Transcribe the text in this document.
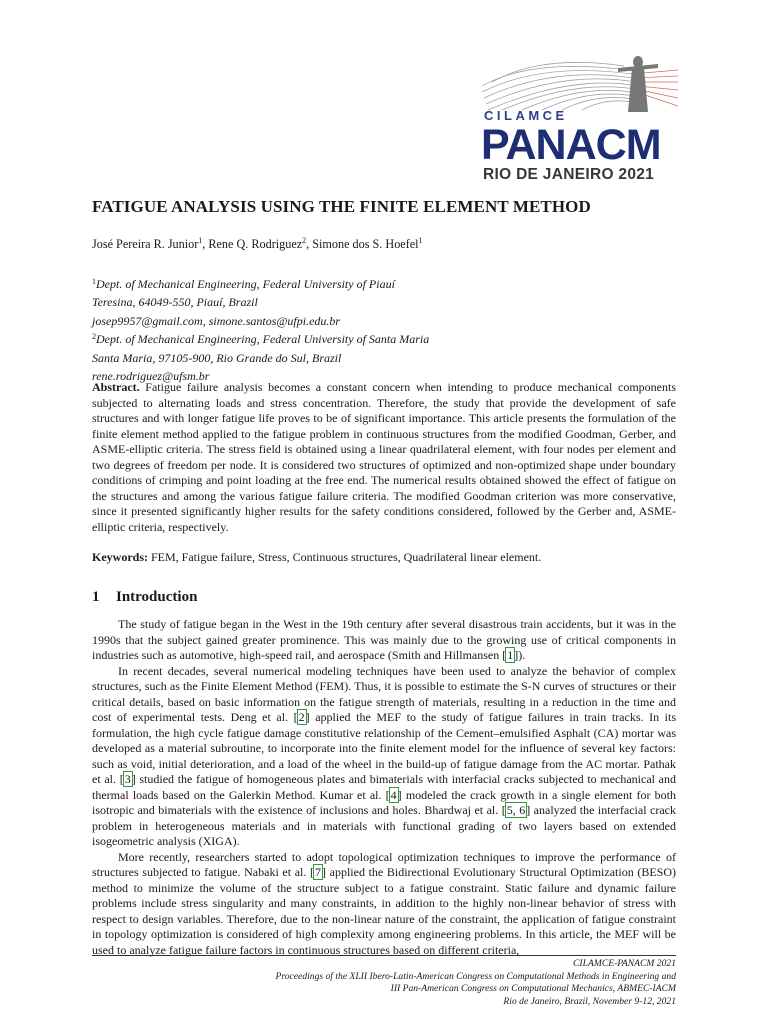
CILAMCE
PANACM
RIO DE JANEIRO 2021
FATIGUE ANALYSIS USING THE FINITE ELEMENT METHOD
José Pereira R. Junior$^1$, Rene Q. Rodriguez$^2$, Simone dos S. Hoefel$^1$
$^1$Dept. of Mechanical Engineering, Federal University of Piauí
Teresina, 64049-550, Piauí, Brazil
josep9957@gmail.com, simone.santos@ufpi.edu.br
$^2$Dept. of Mechanical Engineering, Federal University of Santa Maria
Santa Maria, 97105-900, Rio Grande do Sul, Brazil
rene.rodriguez@ufsm.br
Abstract. Fatigue failure analysis becomes a constant concern when intending to produce mechanical components subjected to alternating loads and stress concentration. Therefore, the study that provide the development of safe structures and with longer fatigue life proves to be of significant importance. This article presents the formulation of the finite element method applied to the fatigue problem in continuous structures from the modified Goodman, Gerber, and ASME-elliptic criteria. The stress field is obtained using a linear quadrilateral element, with four nodes per element and two degrees of freedom per node. It is considered two structures of optimized and non-optimized shape under boundary conditions of crimping and point loading at the free end. The numerical results obtained showed the effect of fatigue on the structures and among the various fatigue failure criteria. The modified Goodman criterion was more conservative, since it presented significantly higher results for the safety conditions considered, followed by the Gerber and, ASME-elliptic criteria, respectively.
Keywords: FEM, Fatigue failure, Stress, Continuous structures, Quadrilateral linear element.
1 Introduction

The study of fatigue began in the West in the 19th century after several disastrous train accidents, but it was in the 1990s that the subject gained greater prominence. This was mainly due to the growing use of critical components in industries such as automotive, high-speed rail, and aerospace (Smith and Hillmansen [1]).

In recent decades, several numerical modeling techniques have been used to analyze the behavior of complex structures, such as the Finite Element Method (FEM). Thus, it is possible to estimate the S-N curves of structures or their critical details, based on basic information on the fatigue strength of materials, resulting in a reduction in the time and cost of experimental tests. Deng et al. [2] applied the MEF to the study of fatigue failures in train tracks. In its formulation, the high cycle fatigue damage constitutive relationship of the Cement–emulsified Asphalt (CA) mortar was developed as a material subroutine, to incorporate into the finite element model for the influence of several key factors: such as void, initial deterioration, and a load of the wheel in the build-up of fatigue damage from the AC mortar. Pathak et al. [3] studied the fatigue of homogeneous plates and bimaterials with interfacial cracks subjected to mechanical and thermal loads based on the Galerkin Method. Kumar et al. [4] modeled the crack growth in a single element for both isotropic and bimaterials with the existence of inclusions and holes. Bhardwaj et al. [5, 6] analyzed the interfacial crack problem in heterogeneous materials and in materials with functional grading of two layers based on extended isogeometric analysis (XIGA).

More recently, researchers started to adopt topological optimization techniques to improve the performance of structures subjected to fatigue. Nabaki et al. [7] applied the Bidirectional Evolutionary Structural Optimization (BESO) method to minimize the volume of the structure subject to a fatigue constraint. Static failure and dynamic failure problems include stress singularity and many constraints, in addition to the highly non-linear behavior of stress with respect to design variables. Therefore, due to the non-linear nature of the constraint, the application of fatigue constraint in topology optimization is considered of high complexity among engineering problems. In this article, the MEF will be used to analyze fatigue failure factors in continuous structures based on different criteria,

CILAMCE-PANACM 2021
Proceedings of the XLII Ibero-Latin-American Congress on Computational Methods in Engineering and
III Pan-American Congress on Computational Mechanics, ABMEC-IACM
Rio de Janeiro, Brazil, November 9-12, 2021
